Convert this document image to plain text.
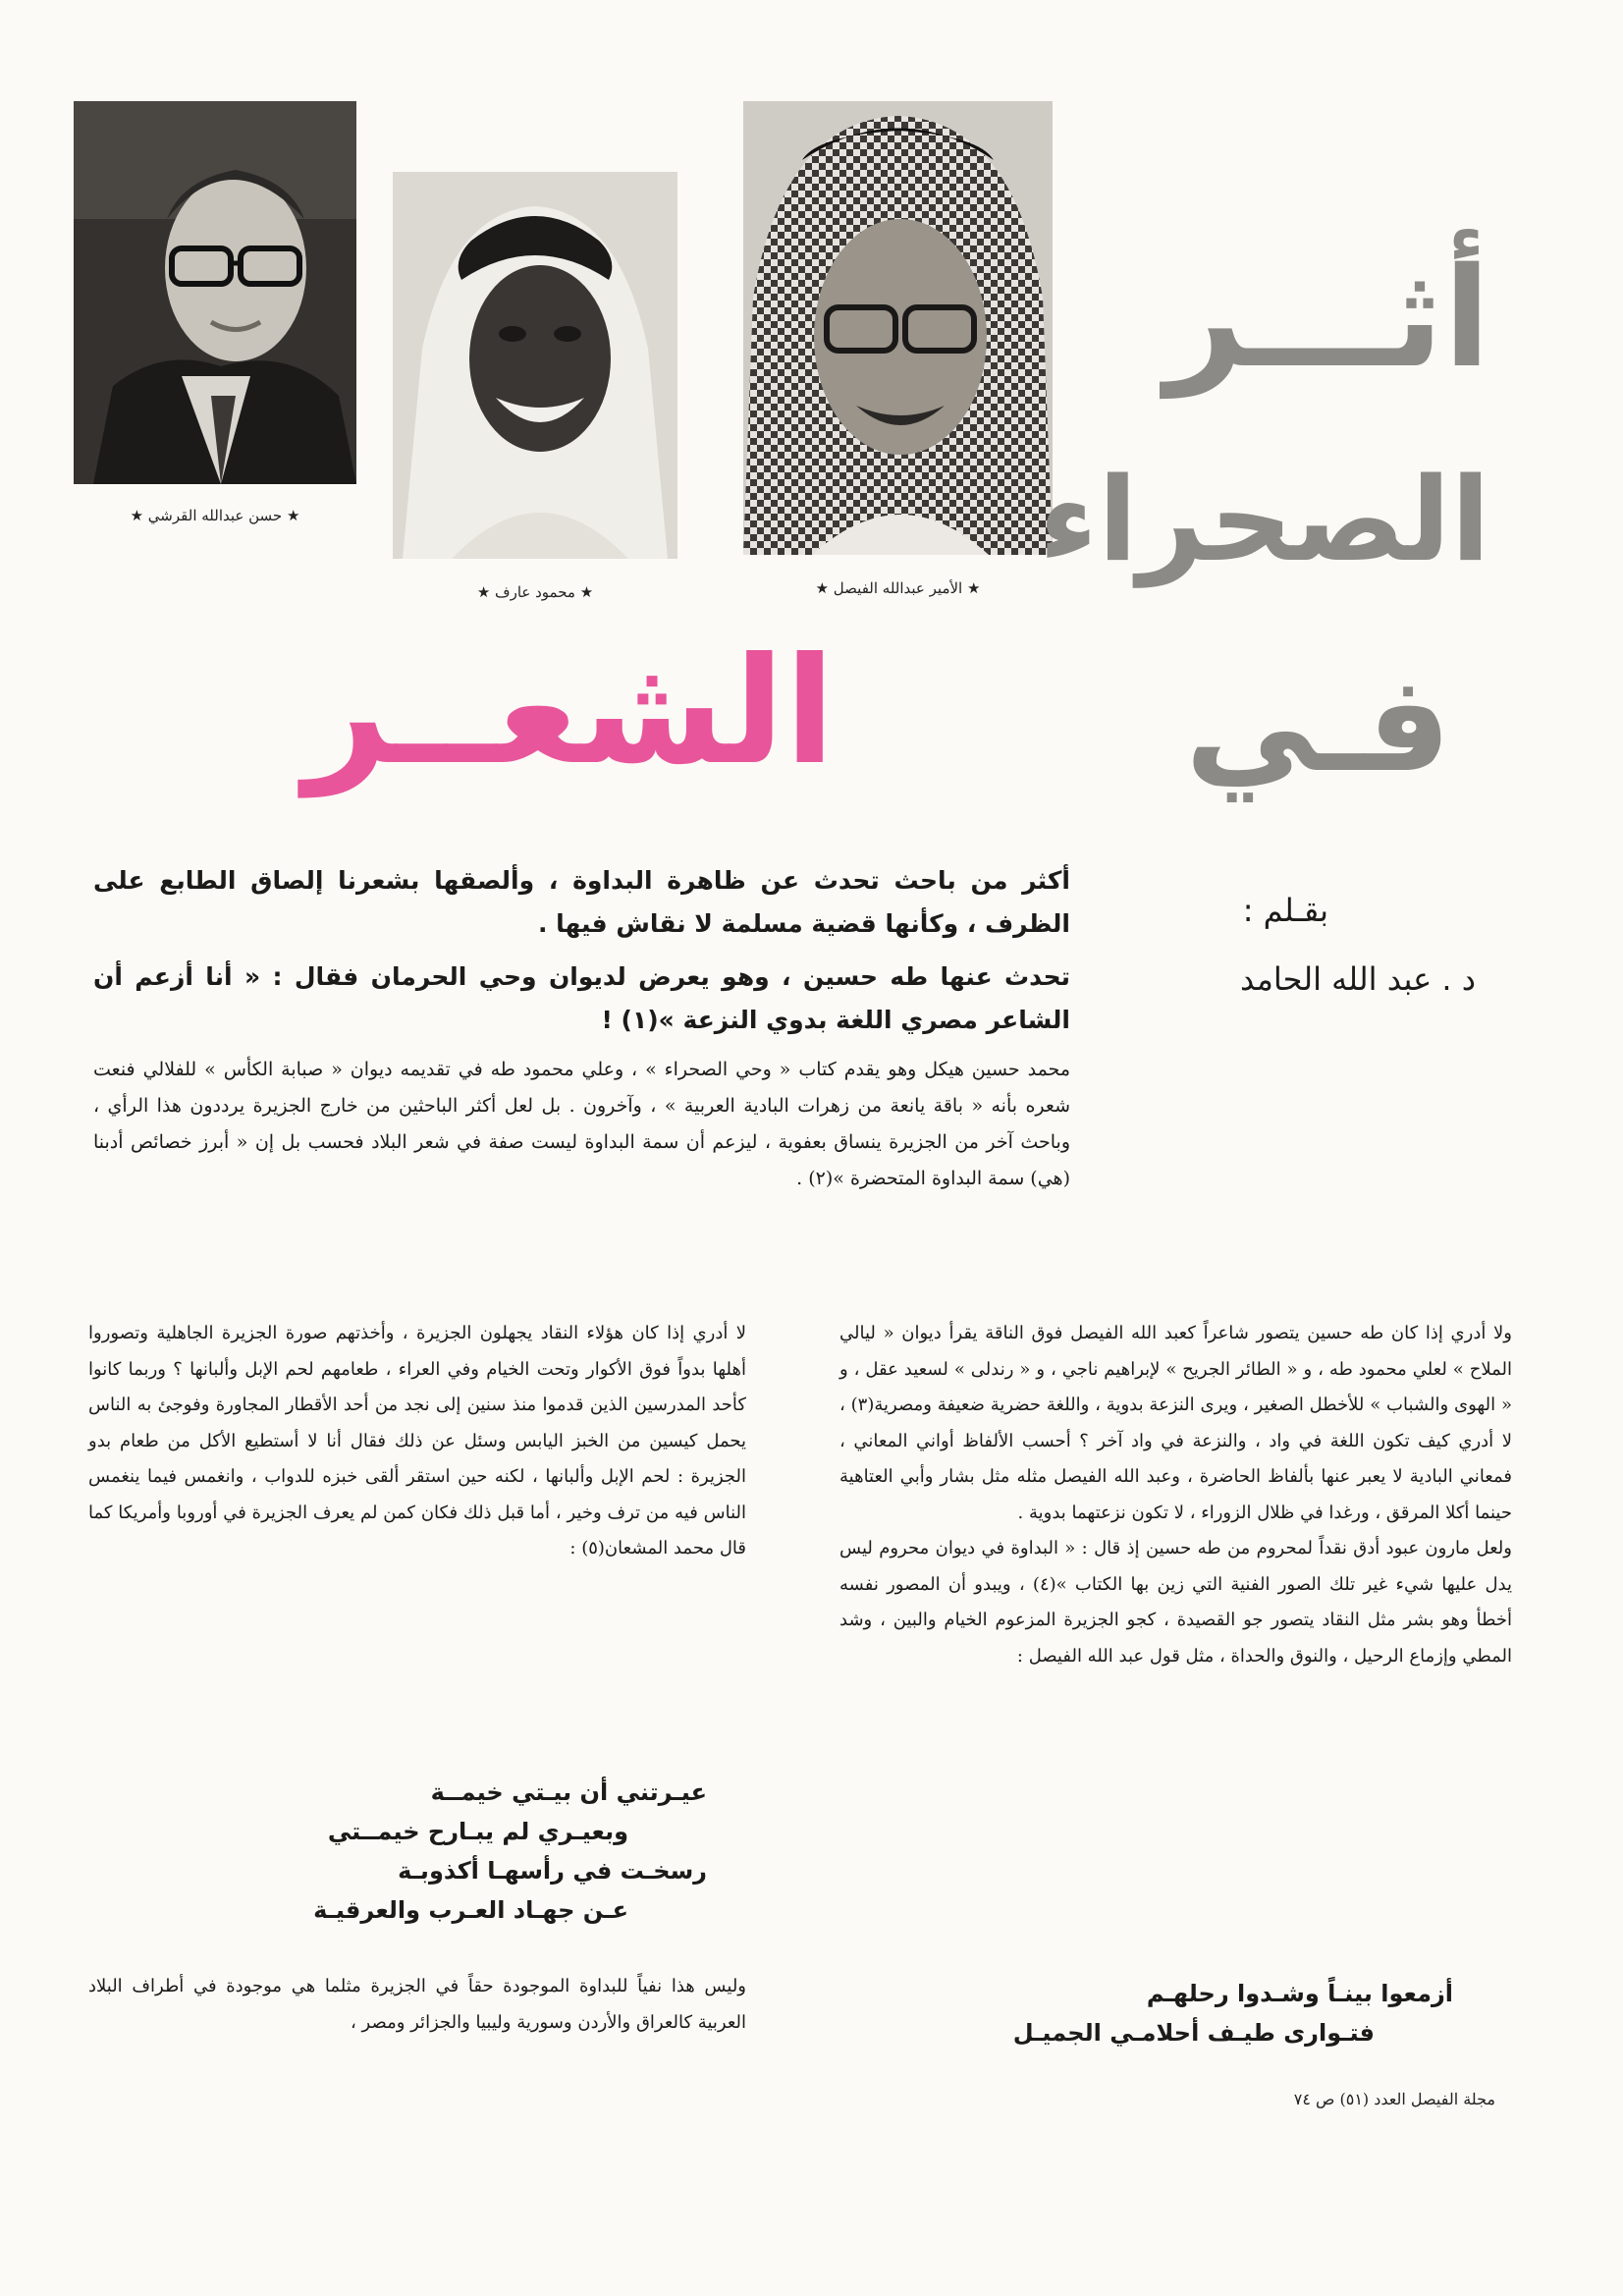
★ حسن عبدالله القرشي ★
★ محمود عارف ★	★ الأمير عبدالله الفيصل ★
أثـــر
الصحراء
فـي
الشعــر
بقـلم :
د . عبد الله الحامد

أكثر من باحث تحدث عن ظاهرة البداوة ، وألصقها بشعرنا إلصاق الطابع على الظرف ، وكأنها قضية مسلمة لا نقاش فيها .

تحدث عنها طه حسين ، وهو يعرض لديوان وحي الحرمان فقال : « أنا أزعم أن الشاعر مصري اللغة بدوي النزعة »(١) !

محمد حسين هيكل وهو يقدم كتاب « وحي الصحراء » ، وعلي محمود طه في تقديمه ديوان « صبابة الكأس » للفلالي فنعت شعره بأنه « باقة يانعة من زهرات البادية العربية » ، وآخرون . بل لعل أكثر الباحثين من خارج الجزيرة يرددون هذا الرأي ، وباحث آخر من الجزيرة ينساق بعفوية ، ليزعم أن سمة البداوة ليست صفة في شعر البلاد فحسب بل إن « أبرز خصائص أدبنا (هي) سمة البداوة المتحضرة »(٢) .

ولا أدري إذا كان طه حسين يتصور شاعراً كعبد الله الفيصل فوق الناقة يقرأ ديوان « ليالي الملاح » لعلي محمود طه ، و « الطائر الجريح » لإبراهيم ناجي ، و « رندلى » لسعيد عقل ، و « الهوى والشباب » للأخطل الصغير ، ويرى النزعة بدوية ، واللغة حضرية ضعيفة ومصرية(٣) ، لا أدري كيف تكون اللغة في واد ، والنزعة في واد آخر ؟ أحسب الألفاظ أواني المعاني ، فمعاني البادية لا يعبر عنها بألفاظ الحاضرة ، وعبد الله الفيصل مثله مثل بشار وأبي العتاهية حينما أكلا المرقق ، ورغدا في ظلال الزوراء ، لا تكون نزعتهما بدوية .

ولعل مارون عبود أدق نقداً لمحروم من طه حسين إذ قال : « البداوة في ديوان محروم ليس يدل عليها شيء غير تلك الصور الفنية التي زين بها الكتاب »(٤) ، ويبدو أن المصور نفسه أخطأ وهو بشر مثل النقاد يتصور جو القصيدة ، كجو الجزيرة المزعوم الخيام والبين ، وشد المطي وإزماع الرحيل ، والنوق والحداة ، مثل قول عبد الله الفيصل :

أزمعوا بينـاً وشـدوا رحلهـم
فتـوارى طيـف أحلامـي الجميـل

لا أدري إذا كان هؤلاء النقاد يجهلون الجزيرة ، وأخذتهم صورة الجزيرة الجاهلية وتصوروا أهلها بدواً فوق الأكوار وتحت الخيام وفي العراء ، طعامهم لحم الإبل وألبانها ؟ وربما كانوا كأحد المدرسين الذين قدموا منذ سنين إلى نجد من أحد الأقطار المجاورة وفوجئ به الناس يحمل كيسين من الخبز اليابس وسئل عن ذلك فقال أنا لا أستطيع الأكل من طعام بدو الجزيرة : لحم الإبل وألبانها ، لكنه حين استقر ألقى خبزه للدواب ، وانغمس فيما ينغمس الناس فيه من ترف وخير ، أما قبل ذلك فكان كمن لم يعرف الجزيرة في أوروبا وأمريكا كما قال محمد المشعان(٥) :

عيـرتني أن بيـتي خيمــة
وبعيـري لم يبـارح خيمــتي
رسخـت في رأسهـا أكذوبـة
عـن جهـاد العـرب والعرقيـة

وليس هذا نفياً للبداوة الموجودة حقاً في الجزيرة مثلما هي موجودة في أطراف البلاد العربية كالعراق والأردن وسورية وليبيا والجزائر ومصر ،

مجلة الفيصل العدد (٥١) ص ٧٤
